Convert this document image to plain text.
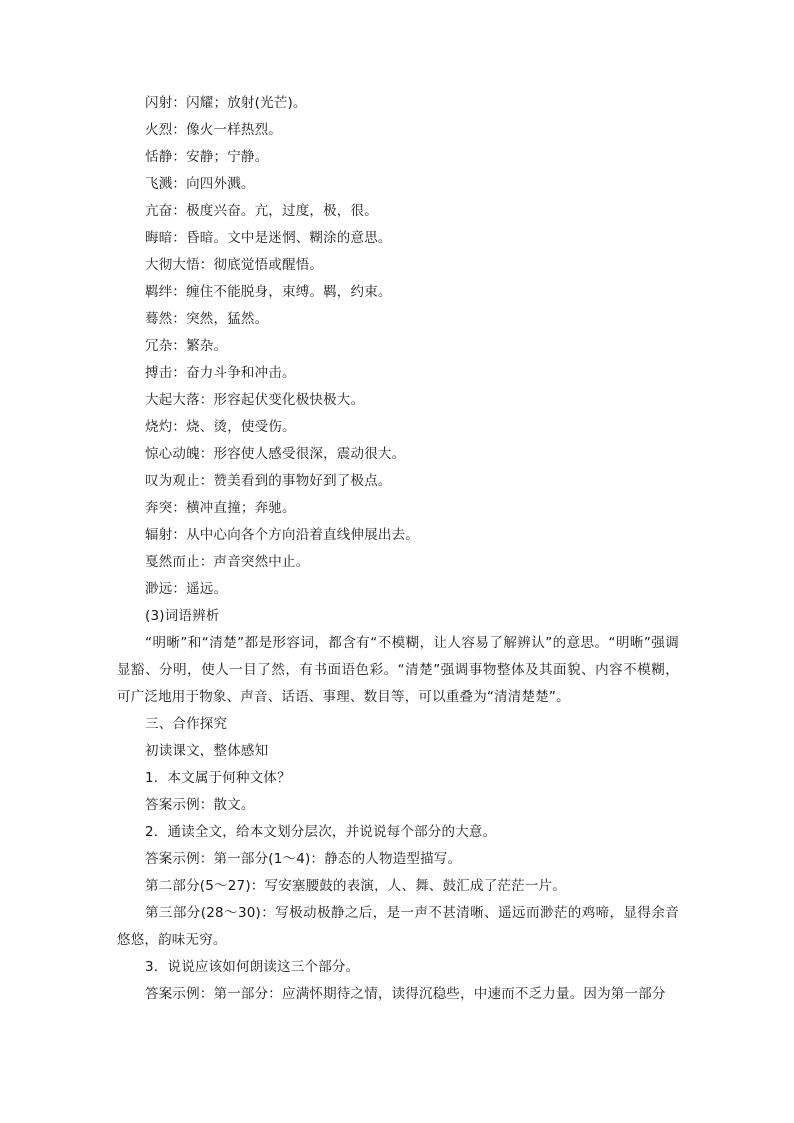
闪射：闪耀；放射(光芒)。
火烈：像火一样热烈。
恬静：安静；宁静。
飞溅：向四外溅。
亢奋：极度兴奋。亢，过度，极，很。
晦暗：昏暗。文中是迷惘、糊涂的意思。
大彻大悟：彻底觉悟或醒悟。
羁绊：缠住不能脱身，束缚。羁，约束。
蓦然：突然，猛然。
冗杂：繁杂。
搏击：奋力斗争和冲击。
大起大落：形容起伏变化极快极大。
烧灼：烧、烫，使受伤。
惊心动魄：形容使人感受很深，震动很大。
叹为观止：赞美看到的事物好到了极点。
奔突：横冲直撞；奔驰。
辐射：从中心向各个方向沿着直线伸展出去。
戛然而止：声音突然中止。
渺远：遥远。
(3)词语辨析
“明晰”和“清楚”都是形容词，都含有“不模糊，让人容易了解辨认”的意思。“明晰”强调显豁、分明，使人一目了然，有书面语色彩。“清楚”强调事物整体及其面貌、内容不模糊，可广泛地用于物象、声音、话语、事理、数目等，可以重叠为“清清楚楚”。
三、合作探究
初读课文，整体感知
1．本文属于何种文体？
答案示例：散文。
2．通读全文，给本文划分层次，并说说每个部分的大意。
答案示例：第一部分(1～4)：静态的人物造型描写。
第二部分(5～27)：写安塞腰鼓的表演，人、舞、鼓汇成了茫茫一片。
第三部分(28～30)：写极动极静之后，是一声不甚清晰、遥远而渺茫的鸡啼，显得余音悠悠，韵味无穷。
3．说说应该如何朗读这三个部分。
答案示例：第一部分：应满怀期待之情，读得沉稳些，中速而不乏力量。因为第一部分
